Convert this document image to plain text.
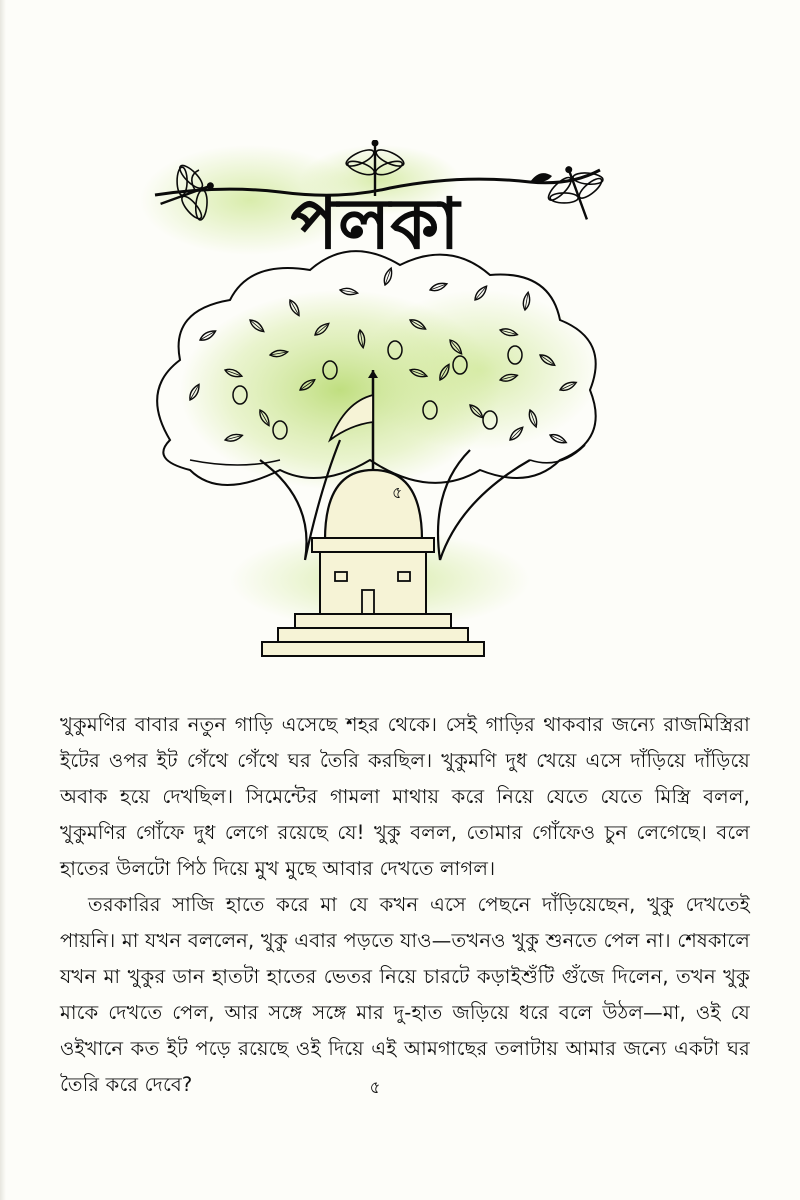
পলকা
৫

খুকুমণির বাবার নতুন গাড়ি এসেছে শহর থেকে। সেই গাড়ির থাকবার জন্যে রাজমিস্ত্রিরা ইটের ওপর ইট গেঁথে গেঁথে ঘর তৈরি করছিল। খুকুমণি দুধ খেয়ে এসে দাঁড়িয়ে দাঁড়িয়ে অবাক হয়ে দেখছিল। সিমেন্টের গামলা মাথায় করে নিয়ে যেতে যেতে মিস্ত্রি বলল, খুকুমণির গোঁফে দুধ লেগে রয়েছে যে! খুকু বলল, তোমার গোঁফেও চুন লেগেছে। বলে হাতের উলটো পিঠ দিয়ে মুখ মুছে আবার দেখতে লাগল।

তরকারির সাজি হাতে করে মা যে কখন এসে পেছনে দাঁড়িয়েছেন, খুকু দেখতেই পায়নি। মা যখন বললেন, খুকু এবার পড়তে যাও—তখনও খুকু শুনতে পেল না। শেষকালে যখন মা খুকুর ডান হাতটা হাতের ভেতর নিয়ে চারটে কড়াইশুঁটি গুঁজে দিলেন, তখন খুকু মাকে দেখতে পেল, আর সঙ্গে সঙ্গে মার দু-হাত জড়িয়ে ধরে বলে উঠল—মা, ওই যে ওইখানে কত ইট পড়ে রয়েছে ওই দিয়ে এই আমগাছের তলাটায় আমার জন্যে একটা ঘর তৈরি করে দেবে?	৫
